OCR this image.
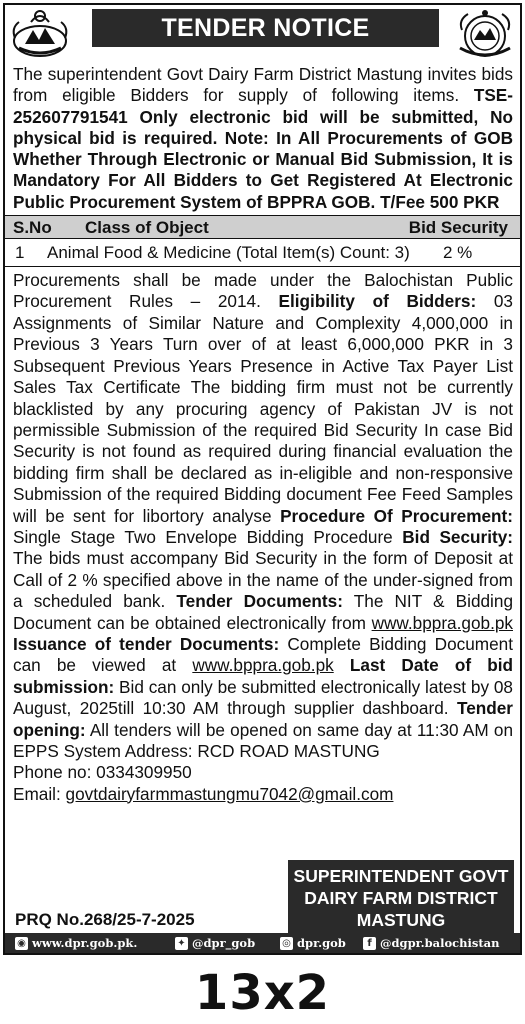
TENDER NOTICE

The superintendent Govt Dairy Farm District Mastung invites bids from eligible Bidders for supply of following items. TSE-252607791541 Only electronic bid will be submitted, No physical bid is required. Note: In All Procurements of GOB Whether Through Electronic or Manual Bid Submission, It is Mandatory For All Bidders to Get Registered At Electronic Public Procurement System of BPPRA GOB. T/Fee 500 PKR

S.No Class of Object	Bid Security
1 Animal Food & Medicine (Total Item(s) Count: 3) 2 %

Procurements shall be made under the Balochistan Public Procurement Rules – 2014. Eligibility of Bidders: 03 Assignments of Similar Nature and Complexity 4,000,000 in Previous 3 Years Turn over of at least 6,000,000 PKR in 3 Subsequent Previous Years Presence in Active Tax Payer List Sales Tax Certificate The bidding firm must not be currently blacklisted by any procuring agency of Pakistan JV is not permissible Submission of the required Bid Security In case Bid Security is not found as required during financial evaluation the bidding firm shall be declared as in-eligible and non-responsive Submission of the required Bidding document Fee Feed Samples will be sent for libortory analyse Procedure Of Procurement: Single Stage Two Envelope Bidding Procedure Bid Security: The bids must accompany Bid Security in the form of Deposit at Call of 2 % specified above in the name of the under-signed from a scheduled bank. Tender Documents: The NIT & Bidding Document can be obtained electronically from www.bppra.gob.pk Issuance of tender Documents: Complete Bidding Document can be viewed at www.bppra.gob.pk Last Date of bid submission: Bid can only be submitted electronically latest by 08 August, 2025till 10:30 AM through supplier dashboard. Tender opening: All tenders will be opened on same day at 11:30 AM on EPPS System Address: RCD ROAD MASTUNG

Phone no: 0334309950

Email: govtdairyfarmmastungmu7042@gmail.com

SUPERINTENDENT GOVT
DAIRY FARM DISTRICT
MASTUNG
PRQ No.268/25-7-2025
◉ www.dpr.gob.pk.	✦ @dpr_gob	◎ dpr.gob	f @dgpr.balochistan
13x2
